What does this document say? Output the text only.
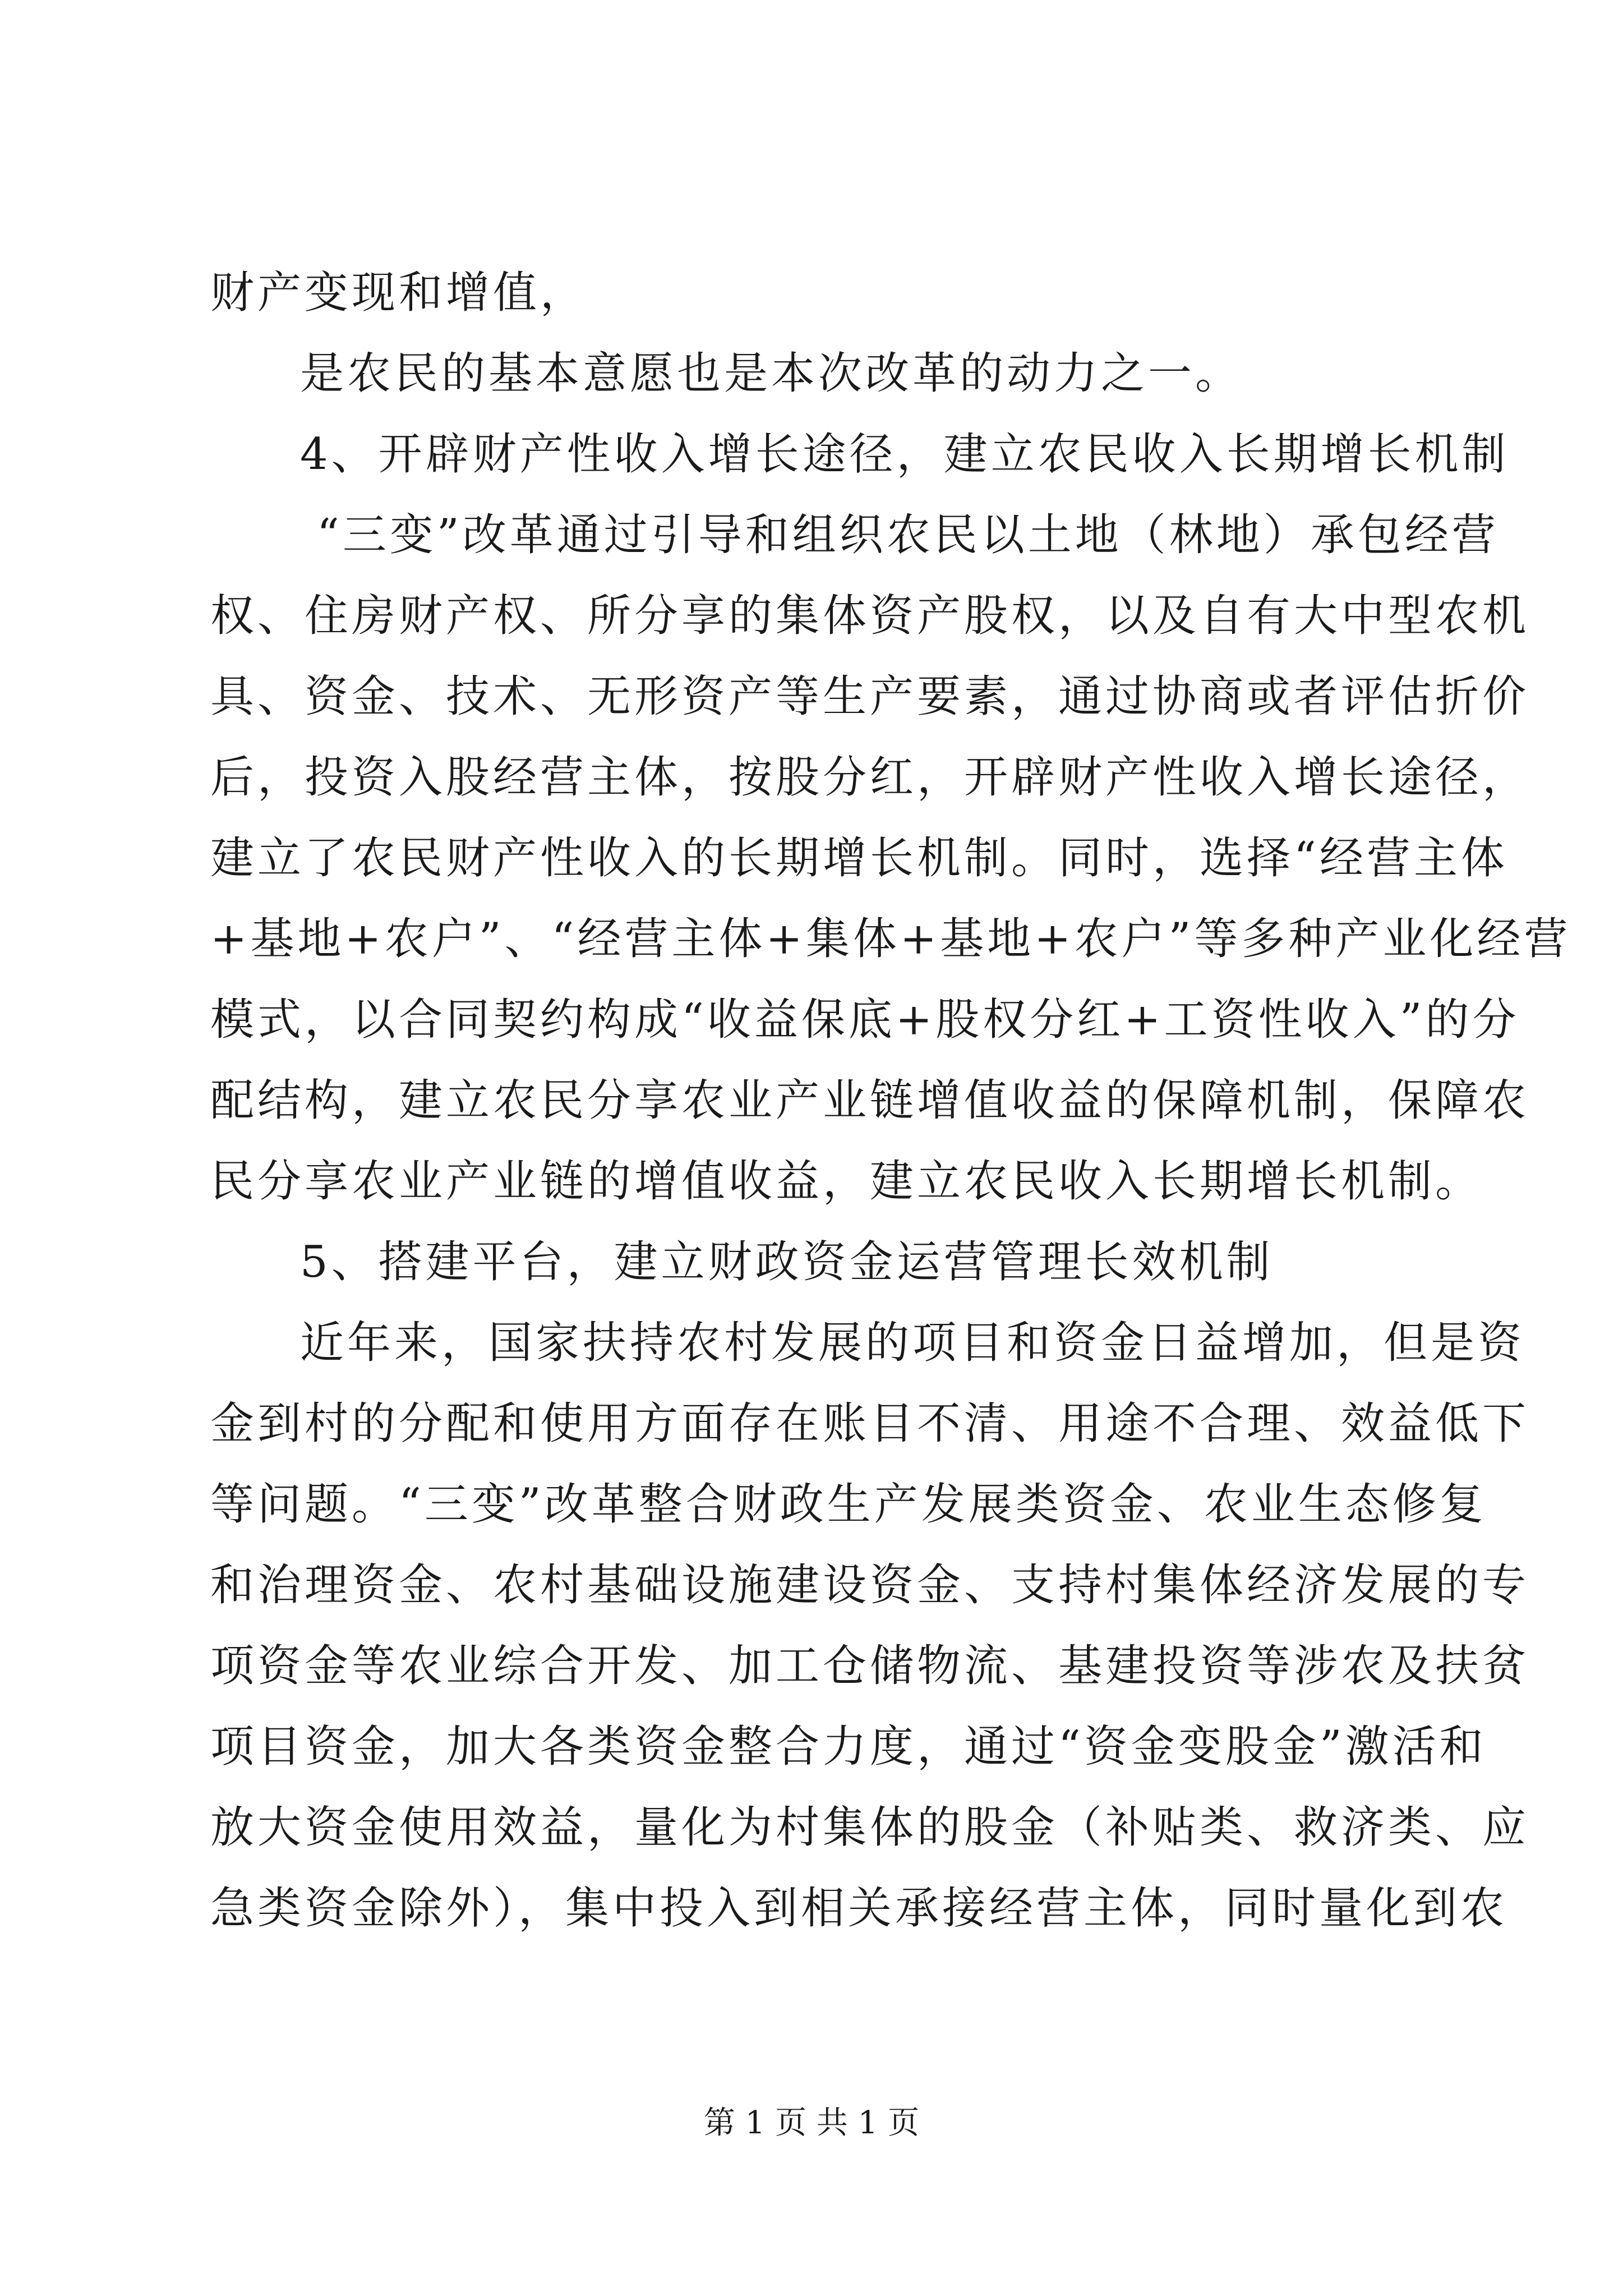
财产变现和增值，
是农民的基本意愿也是本次改革的动力之一。
4、开辟财产性收入增长途径，建立农民收入长期增长机制
“三变”改革通过引导和组织农民以土地（林地）承包经营
权、住房财产权、所分享的集体资产股权，以及自有大中型农机
具、资金、技术、无形资产等生产要素，通过协商或者评估折价
后，投资入股经营主体，按股分红，开辟财产性收入增长途径，
建立了农民财产性收入的长期增长机制。同时，选择“经营主体
+基地+农户”、“经营主体+集体+基地+农户”等多种产业化经营
模式，以合同契约构成“收益保底+股权分红+工资性收入”的分
配结构，建立农民分享农业产业链增值收益的保障机制，保障农
民分享农业产业链的增值收益，建立农民收入长期增长机制。
5、搭建平台，建立财政资金运营管理长效机制
近年来，国家扶持农村发展的项目和资金日益增加，但是资
金到村的分配和使用方面存在账目不清、用途不合理、效益低下
等问题。“三变”改革整合财政生产发展类资金、农业生态修复
和治理资金、农村基础设施建设资金、支持村集体经济发展的专
项资金等农业综合开发、加工仓储物流、基建投资等涉农及扶贫
项目资金，加大各类资金整合力度，通过“资金变股金”激活和
放大资金使用效益，量化为村集体的股金（补贴类、救济类、应
急类资金除外），集中投入到相关承接经营主体，同时量化到农
第 1 页 共 1 页
